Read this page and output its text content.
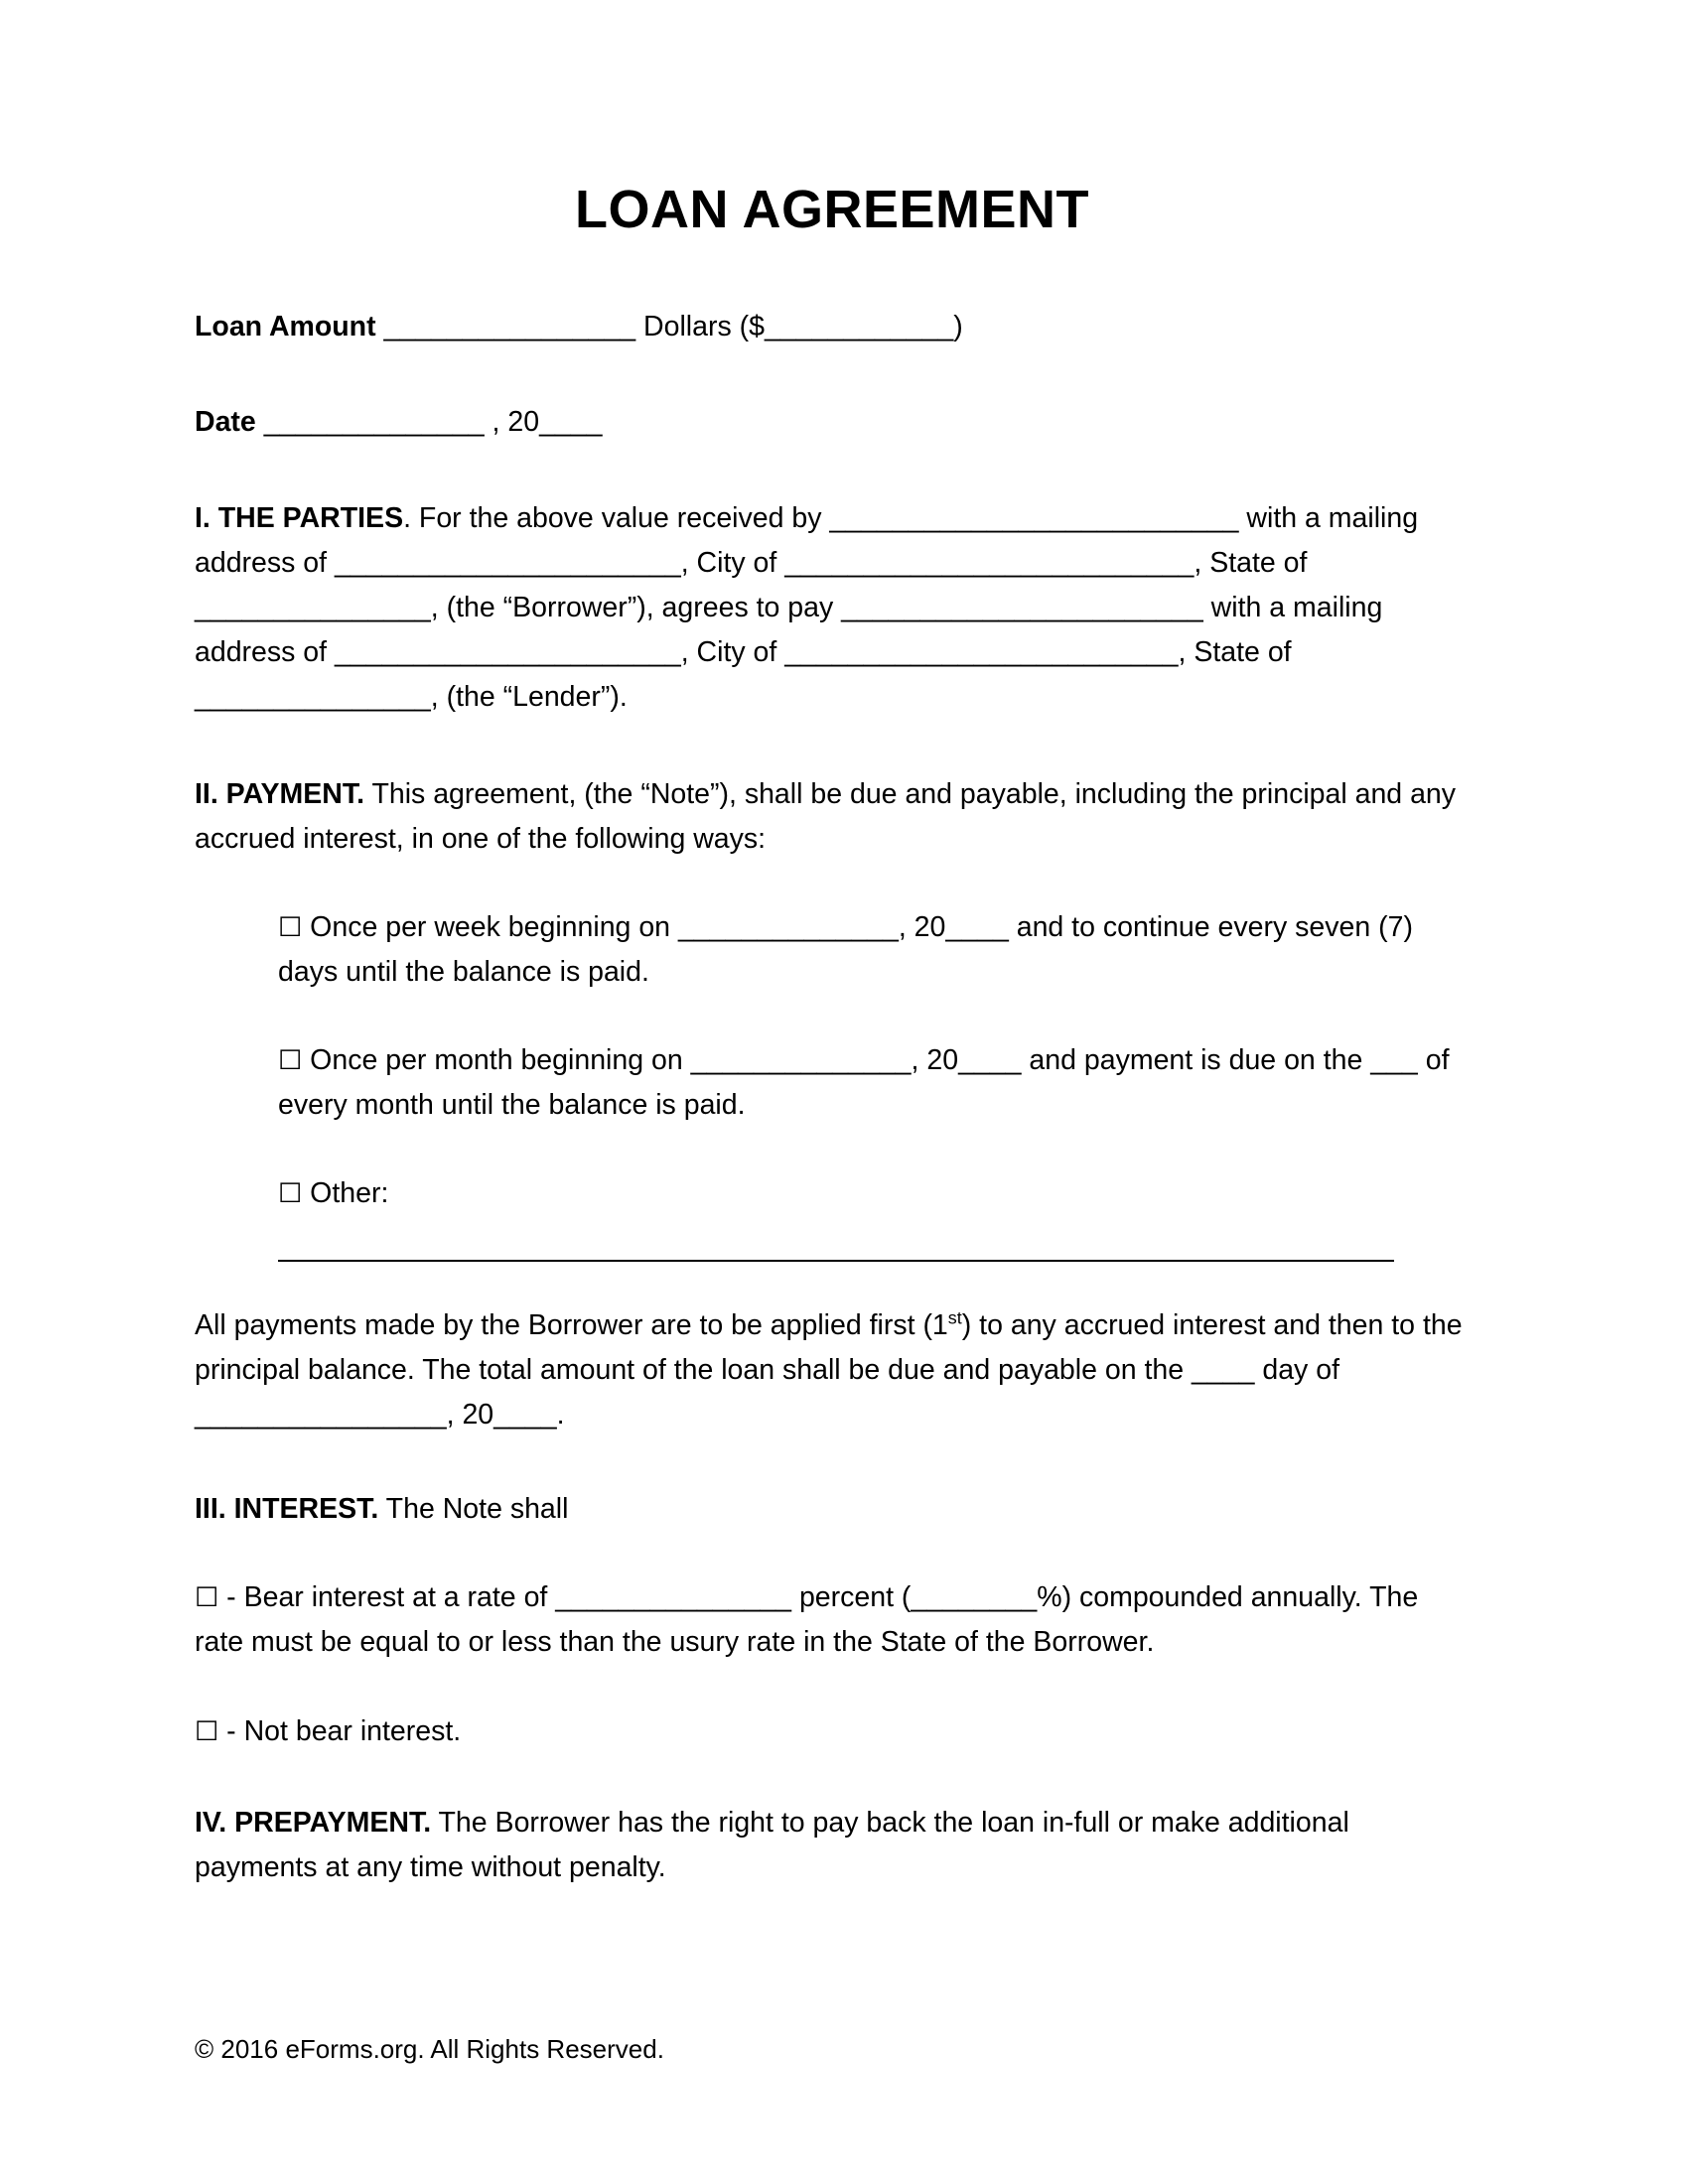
LOAN AGREEMENT

Loan Amount ________________ Dollars ($____________)

Date ______________ , 20____

I. THE PARTIES. For the above value received by __________________________ with a mailing address of ______________________, City of __________________________, State of _______________, (the “Borrower”), agrees to pay _______________________ with a mailing address of ______________________, City of _________________________, State of _______________, (the “Lender”).

II. PAYMENT. This agreement, (the “Note”), shall be due and payable, including the principal and any accrued interest, in one of the following ways:

☐ Once per week beginning on ______________, 20____ and to continue every seven (7) days until the balance is paid.

☐ Once per month beginning on ______________, 20____ and payment is due on the ___ of every month until the balance is paid.

☐ Other:

All payments made by the Borrower are to be applied first (1st) to any accrued interest and then to the principal balance. The total amount of the loan shall be due and payable on the ____ day of ________________, 20____.

III. INTEREST. The Note shall

☐ - Bear interest at a rate of _______________ percent (________%) compounded annually. The rate must be equal to or less than the usury rate in the State of the Borrower.

☐ - Not bear interest.

IV. PREPAYMENT. The Borrower has the right to pay back the loan in-full or make additional payments at any time without penalty.

© 2016 eForms.org. All Rights Reserved.
